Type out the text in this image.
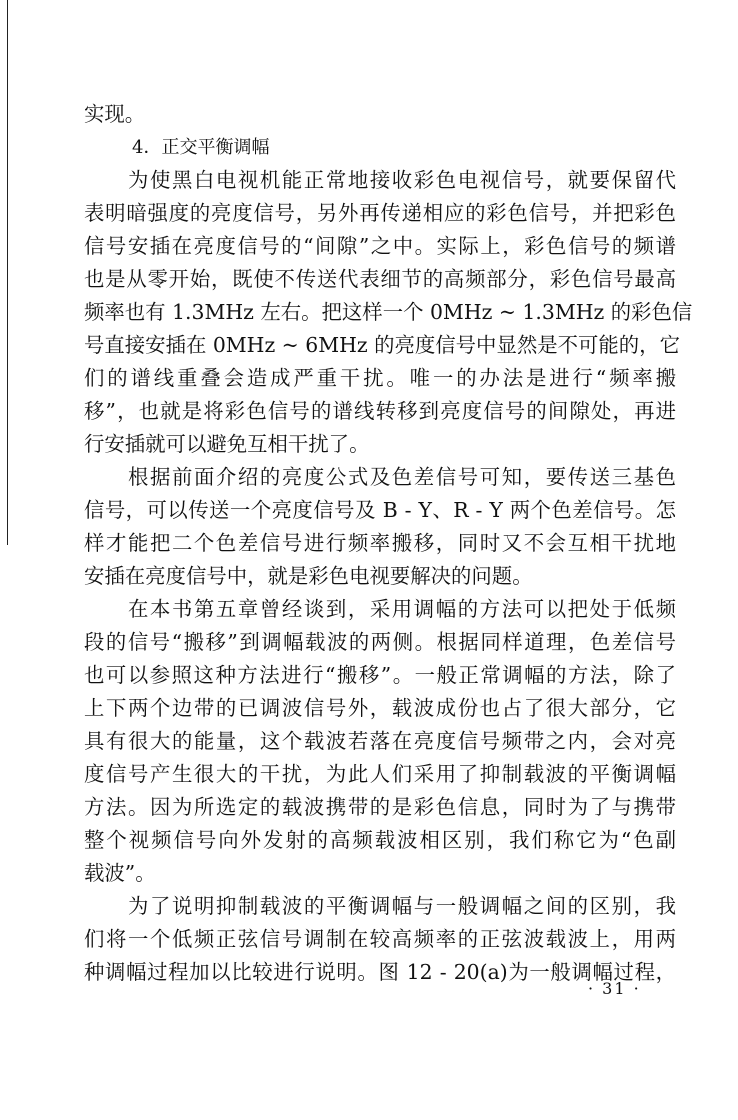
实现。
4．正交平衡调幅
为使黑白电视机能正常地接收彩色电视信号，就要保留代
表明暗强度的亮度信号，另外再传递相应的彩色信号，并把彩色
信号安插在亮度信号的“间隙”之中。实际上，彩色信号的频谱
也是从零开始，既使不传送代表细节的高频部分，彩色信号最高
频率也有 1.3MHz 左右。把这样一个 0MHz ~ 1.3MHz 的彩色信
号直接安插在 0MHz ~ 6MHz 的亮度信号中显然是不可能的，它
们的谱线重叠会造成严重干扰。唯一的办法是进行“频率搬
移”，也就是将彩色信号的谱线转移到亮度信号的间隙处，再进
行安插就可以避免互相干扰了。
根据前面介绍的亮度公式及色差信号可知，要传送三基色
信号，可以传送一个亮度信号及 B - Y、R - Y 两个色差信号。怎
样才能把二个色差信号进行频率搬移，同时又不会互相干扰地
安插在亮度信号中，就是彩色电视要解决的问题。
在本书第五章曾经谈到，采用调幅的方法可以把处于低频
段的信号“搬移”到调幅载波的两侧。根据同样道理，色差信号
也可以参照这种方法进行“搬移”。一般正常调幅的方法，除了
上下两个边带的已调波信号外，载波成份也占了很大部分，它
具有很大的能量，这个载波若落在亮度信号频带之内，会对亮
度信号产生很大的干扰，为此人们采用了抑制载波的平衡调幅
方法。因为所选定的载波携带的是彩色信息，同时为了与携带
整个视频信号向外发射的高频载波相区别，我们称它为“色副
载波”。
为了说明抑制载波的平衡调幅与一般调幅之间的区别，我
们将一个低频正弦信号调制在较高频率的正弦波载波上，用两
种调幅过程加以比较进行说明。图 12 - 20(a)为一般调幅过程，
· 31 ·
